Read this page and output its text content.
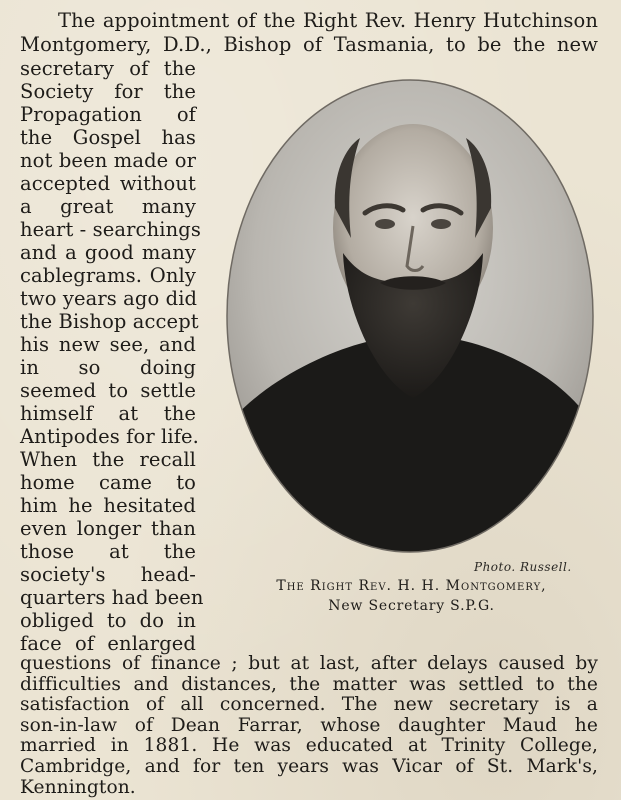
The appointment of the Right Rev. Henry Hutchinson
Montgomery, D.D., Bishop of Tasmania, to be the new
secretary of the
Society for the
Propagation of
the Gospel has
not been made or
accepted without
a great many
heart - searchings
and a good many
cablegrams. Only
two years ago did
the Bishop accept
his new see, and
in so doing
seemed to settle
himself at the
Antipodes for life.
When the recall
home came to
him he hesitated
even longer than
those at the
society's head-
quarters had been
obliged to do in
face of enlarged
questions of finance ; but at last, after delays caused by
difficulties and distances, the matter was settled to the
satisfaction of all concerned. The new secretary is a
son-in-law of Dean Farrar, whose daughter Maud he
married in 1881. He was educated at Trinity College,
Cambridge, and for ten years was Vicar of St. Mark's,
Photo. Russell.
The Right Rev. H. H. Montgomery,
New Secretary S.P.G.
Kennington.
